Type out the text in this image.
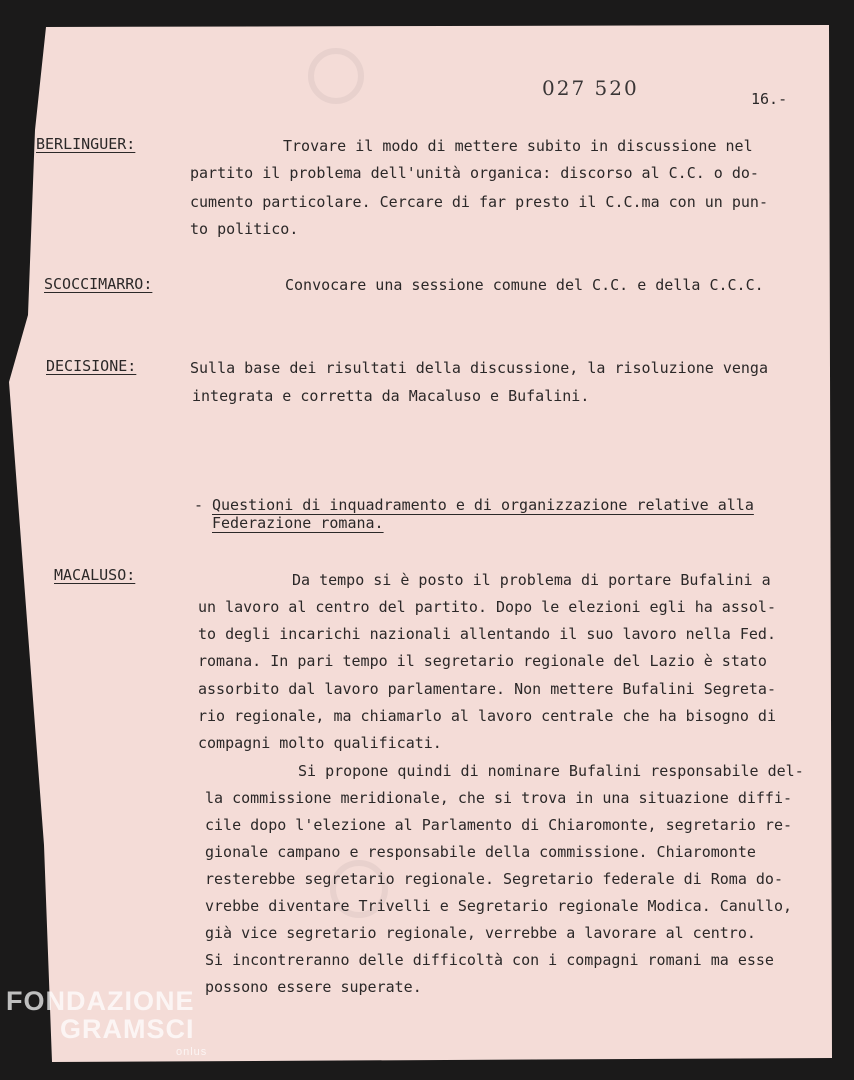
027 520	16.-
BERLINGUER:	Trovare il modo di mettere subito in discussione nel
partito il problema dell'unità organica: discorso al C.C. o do-
cumento particolare. Cercare di far presto il C.C.ma con un pun-
to politico.
SCOCCIMARRO:	Convocare una sessione comune del C.C. e della C.C.C.
DECISIONE:	Sulla base dei risultati della discussione, la risoluzione venga
integrata e corretta da Macaluso e Bufalini.
- Questioni di inquadramento e di organizzazione relative alla
Federazione romana.
MACALUSO:	Da tempo si è posto il problema di portare Bufalini a
un lavoro al centro del partito. Dopo le elezioni egli ha assol-
to degli incarichi nazionali allentando il suo lavoro nella Fed.
romana. In pari tempo il segretario regionale del Lazio è stato
assorbito dal lavoro parlamentare. Non mettere Bufalini Segreta-
rio regionale, ma chiamarlo al lavoro centrale che ha bisogno di
compagni molto qualificati.
Si propone quindi di nominare Bufalini responsabile del-
la commissione meridionale, che si trova in una situazione diffi-
cile dopo l'elezione al Parlamento di Chiaromonte, segretario re-
gionale campano e responsabile della commissione. Chiaromonte
resterebbe segretario regionale. Segretario federale di Roma do-
vrebbe diventare Trivelli e Segretario regionale Modica. Canullo,
già vice segretario regionale, verrebbe a lavorare al centro.
Si incontreranno delle difficoltà con i compagni romani ma esse
possono essere superate.
FONDAZIONE
GRAMSCI
onlus
